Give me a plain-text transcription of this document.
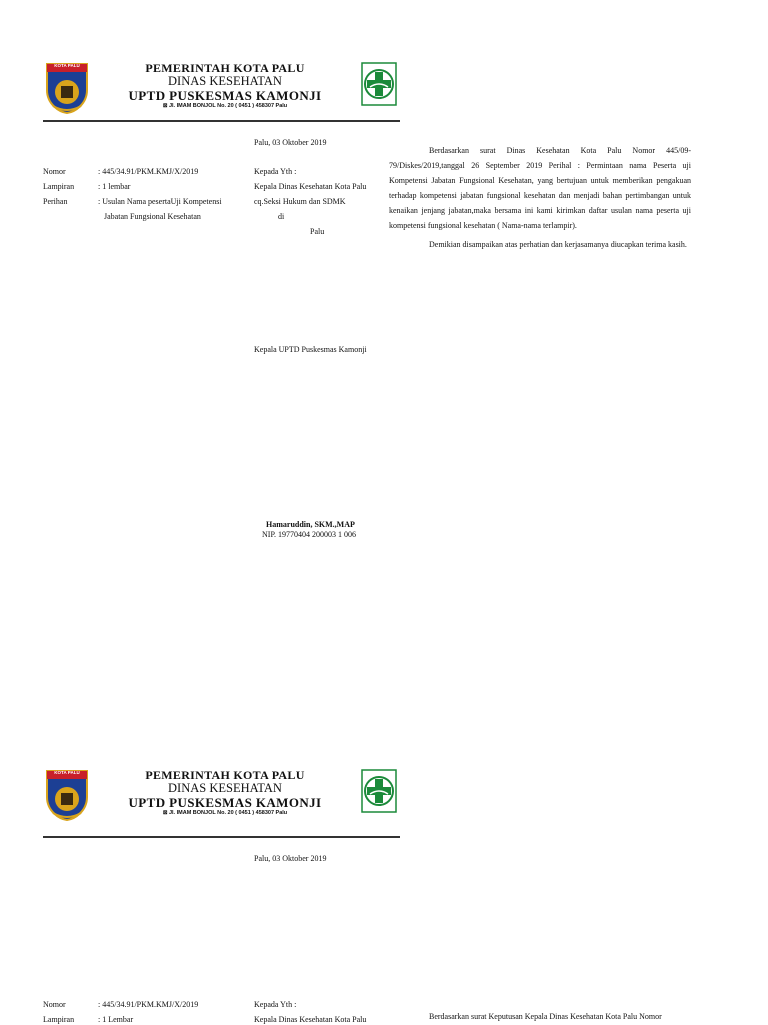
KOTA PALU	PEMERINTAH KOTA PALU
DINAS KESEHATAN
UPTD PUSKESMAS KAMONJI
⊠ Jl. IMAM BONJOL No. 20 ( 0451 ) 458307 Palu
Palu, 03 Oktober 2019
Nomor	: 445/34.91/PKM.KMJ/X/2019
Lampiran	: 1 lembar
Perihan	: Usulan Nama pesertaUji Kompetensi
Jabatan Fungsional Kesehatan
Kepada Yth :
Kepala Dinas Kesehatan Kota Palu
cq.Seksi Hukum dan SDMK
di
Palu
Berdasarkan surat Dinas Kesehatan Kota Palu Nomor 445/09-79/Diskes/2019,tanggal 26 September 2019 Perihal : Permintaan nama Peserta uji Kompetensi Jabatan Fungsional Kesehatan, yang bertujuan untuk memberikan pengakuan terhadap kompetensi jabatan fungsional kesehatan dan menjadi bahan pertimbangan untuk kenaikan jenjang jabatan,maka bersama ini kami kirimkan daftar usulan nama peserta uji kompetensi fungsional kesehatan ( Nama-nama terlampir).
Demikian disampaikan atas perhatian dan kerjasamanya diucapkan terima kasih.
Kepala UPTD Puskesmas Kamonji
Hamaruddin, SKM.,MAP
NIP. 19770404 200003 1 006
KOTA PALU	PEMERINTAH KOTA PALU
DINAS KESEHATAN
UPTD PUSKESMAS KAMONJI
⊠ Jl. IMAM BONJOL No. 20 ( 0451 ) 458307 Palu
Palu, 03 Oktober 2019
Nomor	: 445/34.91/PKM.KMJ/X/2019
Lampiran	: 1 Lembar
Kepada Yth :
Kepala Dinas Kesehatan Kota Palu	Berdasarkan surat Keputusan Kepala Dinas Kesehatan Kota Palu Nomor
